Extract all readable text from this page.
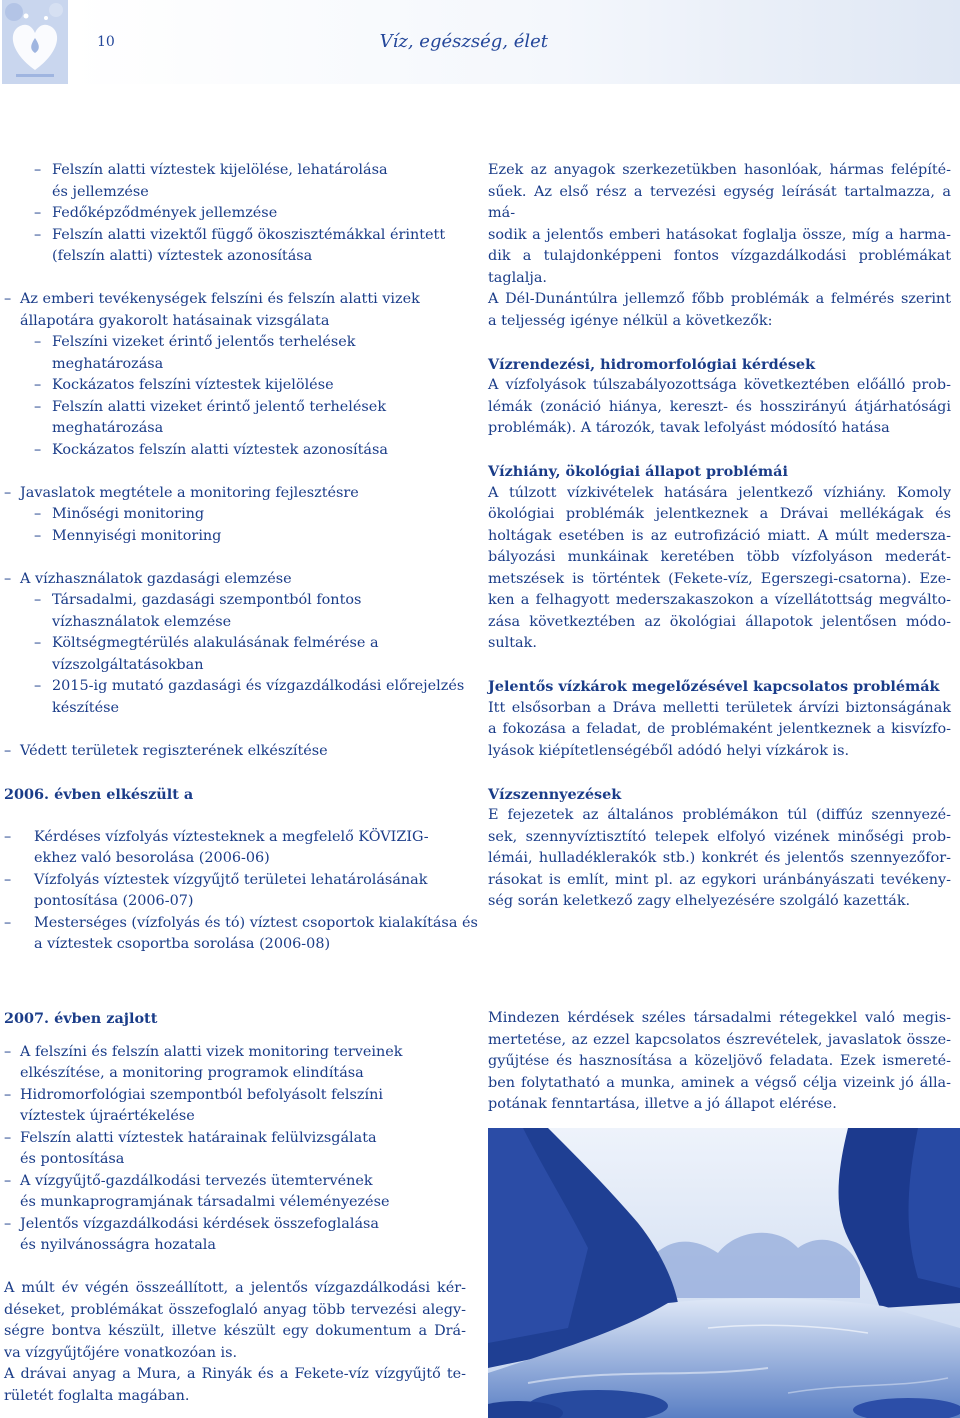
10	Víz, egészség, élet
– Felszín alatti víztestek kijelölése, lehatárolása
és jellemzése
– Fedőképződmények jellemzése
– Felszín alatti vizektől függő ökoszisztémákkal érintett
(felszín alatti) víztestek azonosítása
– Az emberi tevékenységek felszíni és felszín alatti vizek
állapotára gyakorolt hatásainak vizsgálata
– Felszíni vizeket érintő jelentős terhelések
meghatározása
– Kockázatos felszíni víztestek kijelölése
– Felszín alatti vizeket érintő jelentő terhelések
meghatározása
– Kockázatos felszín alatti víztestek azonosítása
– Javaslatok megtétele a monitoring fejlesztésre
– Minőségi monitoring
– Mennyiségi monitoring
– A vízhasználatok gazdasági elemzése
– Társadalmi, gazdasági szempontból fontos
vízhasználatok elemzése
– Költségmegtérülés alakulásának felmérése a
vízszolgáltatásokban
– 2015-ig mutató gazdasági és vízgazdálkodási előrejelzés
készítése
– Védett területek regiszterének elkészítése
2006. évben elkészült a
– Kérdéses vízfolyás víztesteknek a megfelelő KÖVIZIG-
ekhez való besorolása (2006-06)
– Vízfolyás víztestek vízgyűjtő területei lehatárolásának
pontosítása (2006-07)
– Mesterséges (vízfolyás és tó) víztest csoportok kialakítása és
a víztestek csoportba sorolása (2006-08)
Ezek az anyagok szerkezetükben hasonlóak, hármas felépíté-
sűek. Az első rész a tervezési egység leírását tartalmazza, a má-
sodik a jelentős emberi hatásokat foglalja össze, míg a harma-
dik a tulajdonképpeni fontos vízgazdálkodási problémákat
taglalja.
A Dél-Dunántúlra jellemző főbb problémák a felmérés szerint
a teljesség igénye nélkül a következők:
Vízrendezési, hidromorfológiai kérdések
A vízfolyások túlszabályozottsága következtében előálló prob-
lémák (zonáció hiánya, kereszt- és hosszirányú átjárhatósági
problémák). A tározók, tavak lefolyást módosító hatása
Vízhiány, ökológiai állapot problémái
A túlzott vízkivételek hatására jelentkező vízhiány. Komoly
ökológiai problémák jelentkeznek a Drávai mellékágak és
holtágak esetében is az eutrofizáció miatt. A múlt mederszа-
bályozási munkáinak keretében több vízfolyáson mederát-
metszések is történtek (Fekete-víz, Egerszegi-csatorna). Eze-
ken a felhagyott mederszakaszokon a vízellátottság megválto-
zása következtében az ökológiai állapotok jelentősen módo-
sultak.
Jelentős vízkárok megelőzésével kapcsolatos problémák
Itt elsősorban a Dráva melletti területek árvízi biztonságának
a fokozása a feladat, de problémaként jelentkeznek a kisvízfo-
lyások kiépítetlenségéből adódó helyi vízkárok is.
Vízszennyezések
E fejezetek az általános problémákon túl (diffúz szennyezé-
sek, szennyvíztisztító telepek elfolyó vizének minőségi prob-
lémái, hulladéklerakók stb.) konkrét és jelentős szennyezőfor-
rásokat is említ, mint pl. az egykori uránbányászati tevékeny-
ség során keletkező zagy elhelyezésére szolgáló kazetták.
2007. évben zajlott
– A felszíni és felszín alatti vizek monitoring terveinek
elkészítése, a monitoring programok elindítása
– Hidromorfológiai szempontból befolyásolt felszíni
víztestek újraértékelése
– Felszín alatti víztestek határainak felülvizsgálata
és pontosítása
– A vízgyűjtő-gazdálkodási tervezés ütemtervének
és munkaprogramjának társadalmi véleményezése
– Jelentős vízgazdálkodási kérdések összefoglalása
és nyilvánosságra hozatala
A múlt év végén összeállított, a jelentős vízgazdálkodási kér-
déseket, problémákat összefoglaló anyag több tervezési alegy-
ségre bontva készült, illetve készült egy dokumentum a Drá-
va vízgyűjtőjére vonatkozóan is.
A drávai anyag a Mura, a Rinyák és a Fekete-víz vízgyűjtő te-
rületét foglalta magában.
Mindezen kérdések széles társadalmi rétegekkel való megis-
mertetése, az ezzel kapcsolatos észrevételek, javaslatok össze-
gyűjtése és hasznosítása a közeljövő feladata. Ezek ismereté-
ben folytatható a munka, aminek a végső célja vizeink jó álla-
potának fenntartása, illetve a jó állapot elérése.
